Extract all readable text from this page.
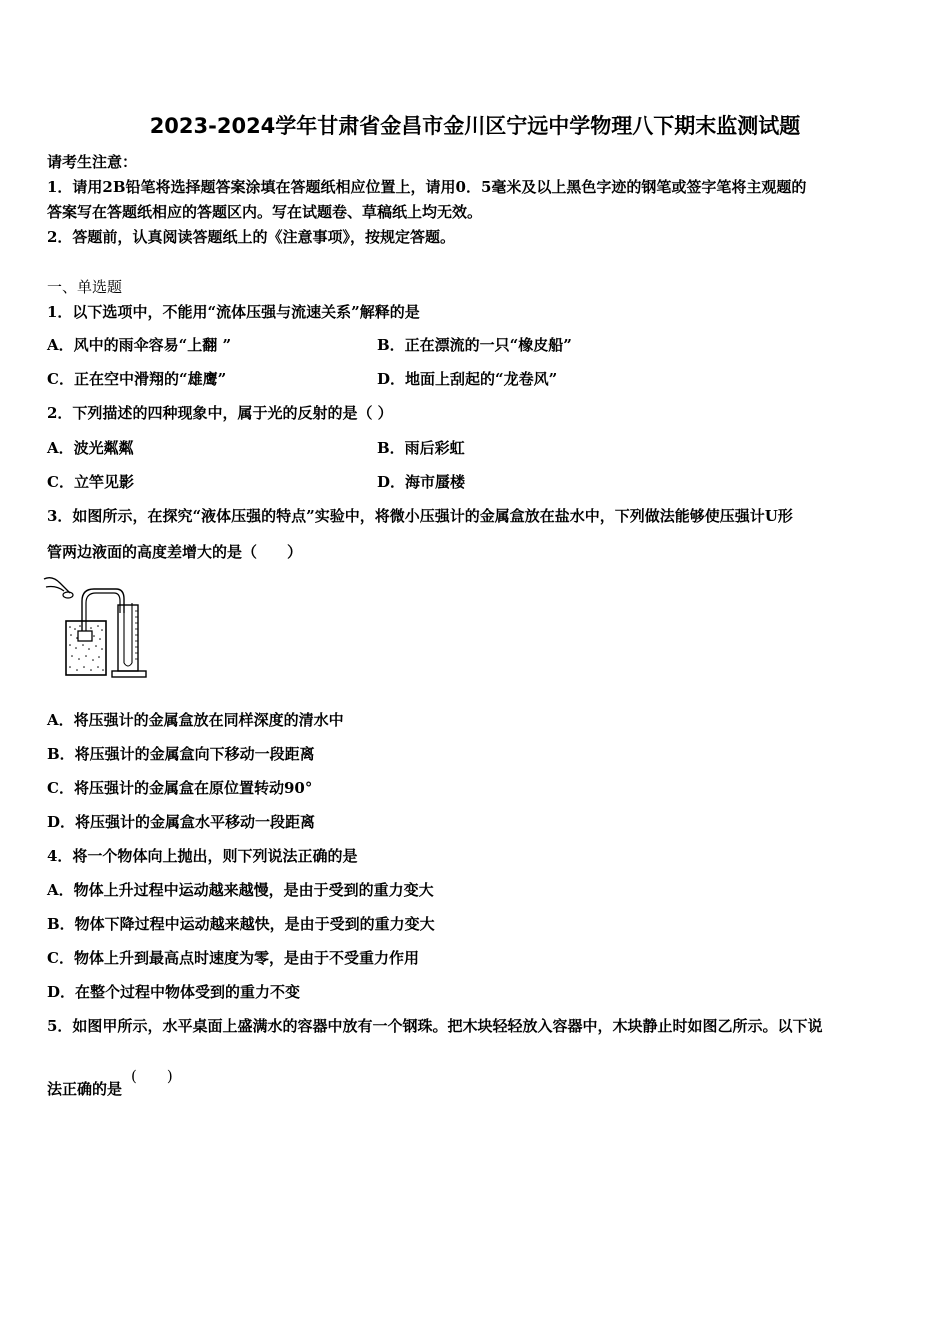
2023-2024学年甘肃省金昌市金川区宁远中学物理八下期末监测试题
请考生注意：
1．请用2B铅笔将选择题答案涂填在答题纸相应位置上，请用0．5毫米及以上黑色字迹的钢笔或签字笔将主观题的
答案写在答题纸相应的答题区内。写在试题卷、草稿纸上均无效。
2．答题前，认真阅读答题纸上的《注意事项》，按规定答题。
一、单选题
1．以下选项中，不能用“流体压强与流速关系”解释的是
A．风中的雨伞容易“上翻 ”	B．正在漂流的一只“橡皮船”
C．正在空中滑翔的“雄鹰”	D．地面上刮起的“龙卷风”
2．下列描述的四种现象中，属于光的反射的是（ ）
A．波光粼粼	B．雨后彩虹
C．立竿见影	D．海市蜃楼
3．如图所示，在探究“液体压强的特点”实验中，将微小压强计的金属盒放在盐水中，下列做法能够使压强计U形
管两边液面的高度差增大的是（　　）
A．将压强计的金属盒放在同样深度的清水中
B．将压强计的金属盒向下移动一段距离
C．将压强计的金属盒在原位置转动90°
D．将压强计的金属盒水平移动一段距离
4．将一个物体向上抛出，则下列说法正确的是
A．物体上升过程中运动越来越慢，是由于受到的重力变大
B．物体下降过程中运动越来越快，是由于受到的重力变大
C．物体上升到最高点时速度为零，是由于不受重力作用
D．在整个过程中物体受到的重力不变
5．如图甲所示，水平桌面上盛满水的容器中放有一个钢珠。把木块轻轻放入容器中，木块静止时如图乙所示。以下说
法正确的是
(　　)
